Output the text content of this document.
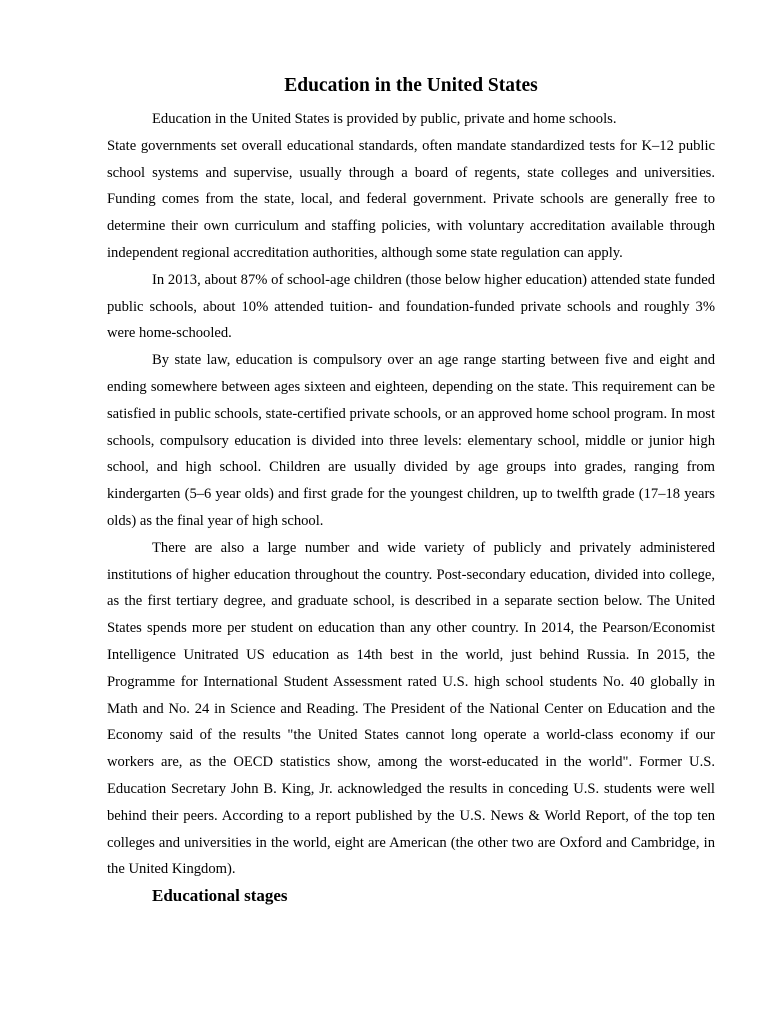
Education in the United States

Education in the United States is provided by public, private and home schools.

State governments set overall educational standards, often mandate standardized tests for K–12 public school systems and supervise, usually through a board of regents, state colleges and universities. Funding comes from the state, local, and federal government. Private schools are generally free to determine their own curriculum and staffing policies, with voluntary accreditation available through independent regional accreditation authorities, although some state regulation can apply.

In 2013, about 87% of school-age children (those below higher education) attended state funded public schools, about 10% attended tuition- and foundation-funded private schools and roughly 3% were home-schooled.

By state law, education is compulsory over an age range starting between five and eight and ending somewhere between ages sixteen and eighteen, depending on the state. This requirement can be satisfied in public schools, state-certified private schools, or an approved home school program. In most schools, compulsory education is divided into three levels: elementary school, middle or junior high school, and high school. Children are usually divided by age groups into grades, ranging from kindergarten (5–6 year olds) and first grade for the youngest children, up to twelfth grade (17–18 years olds) as the final year of high school.

There are also a large number and wide variety of publicly and privately administered institutions of higher education throughout the country. Post-secondary education, divided into college, as the first tertiary degree, and graduate school, is described in a separate section below. The United States spends more per student on education than any other country. In 2014, the Pearson/Economist Intelligence Unitrated US education as 14th best in the world, just behind Russia. In 2015, the Programme for International Student Assessment rated U.S. high school students No. 40 globally in Math and No. 24 in Science and Reading. The President of the National Center on Education and the Economy said of the results "the United States cannot long operate a world-class economy if our workers are, as the OECD statistics show, among the worst-educated in the world". Former U.S. Education Secretary John B. King, Jr. acknowledged the results in conceding U.S. students were well behind their peers. According to a report published by the U.S. News & World Report, of the top ten colleges and universities in the world, eight are American (the other two are Oxford and Cambridge, in the United Kingdom).

Educational stages
